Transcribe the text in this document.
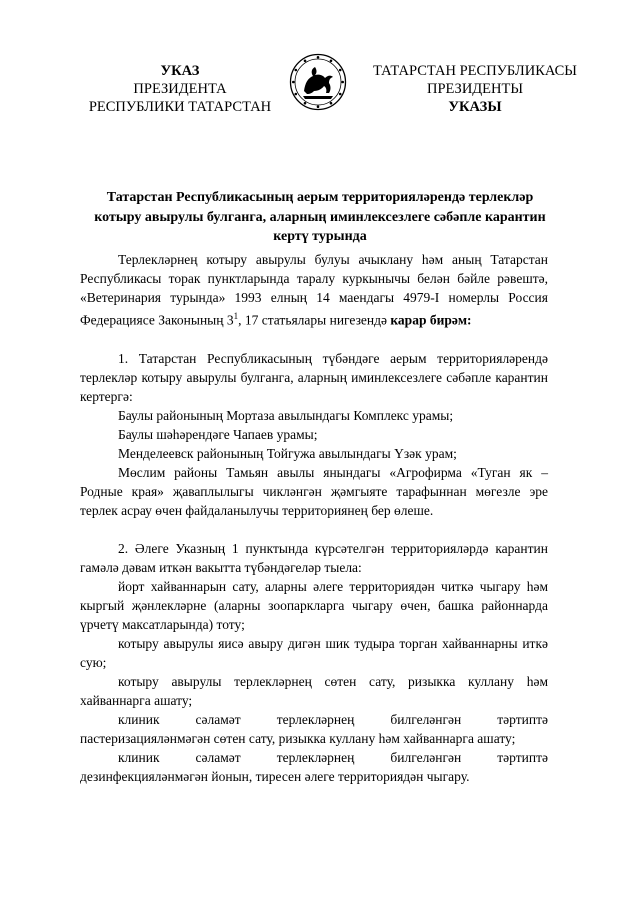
УКАЗ
ПРЕЗИДЕНТА
РЕСПУБЛИКИ ТАТАРСТАН
ТАТАРСТАН РЕСПУБЛИКАСЫ
ПРЕЗИДЕНТЫ
УКАЗЫ
Татарстан Республикасының аерым территорияләрендә терлекләр
котыру авырулы булганга, аларның иминлексезлеге сәбәпле карантин
кертү турында

Терлекләрнең котыру авырулы булуы ачыклану һәм аның Татарстан Республикасы торак пунктларында таралу куркынычы белән бәйле рәвештә, «Ветеринария турында» 1993 елның 14 маендагы 4979-I номерлы Россия Федерациясе Законының $3^1$, 17 статьялары нигезендә карар бирәм:

1. Татарстан Республикасының түбәндәге аерым территорияләрендә терлекләр котыру авырулы булганга, аларның иминлексезлеге сәбәпле карантин кертергә:

Баулы районының Мортаза авылындагы Комплекс урамы;

Баулы шәһәрендәге Чапаев урамы;

Менделеевск районының Тойгужа авылындагы Үзәк урам;

Мөслим районы Тамьян авылы янындагы «Агрофирма «Туган як – Родные края» җаваплылыгы чикләнгән җәмгыяте тарафыннан мөгезле эре терлек асрау өчен файдаланылучы территориянең бер өлеше.

2. Әлеге Указның 1 пунктында күрсәтелгән территорияләрдә карантин гамәлә дәвам иткән вакытта түбәндәгеләр тыела:

йорт хайваннарын сату, аларны әлеге территориядән читкә чыгару һәм кыргый җәнлекләрне (аларны зоопаркларга чыгару өчен, башка районнарда үрчетү максатларында) тоту;

котыру авырулы яисә авыру дигән шик тудыра торган хайваннарны иткә сую;

котыру авырулы терлекләрнең сөтен сату, ризыкка куллану һәм хайваннарга ашату;

клиник сәламәт терлекләрнең билгеләнгән тәртиптә пастеризацияләнмәгән сөтен сату, ризыкка куллану һәм хайваннарга ашату;

клиник сәламәт терлекләрнең билгеләнгән тәртиптә дезинфекцияләнмәгән йонын, тиресен әлеге территориядән чыгару.
